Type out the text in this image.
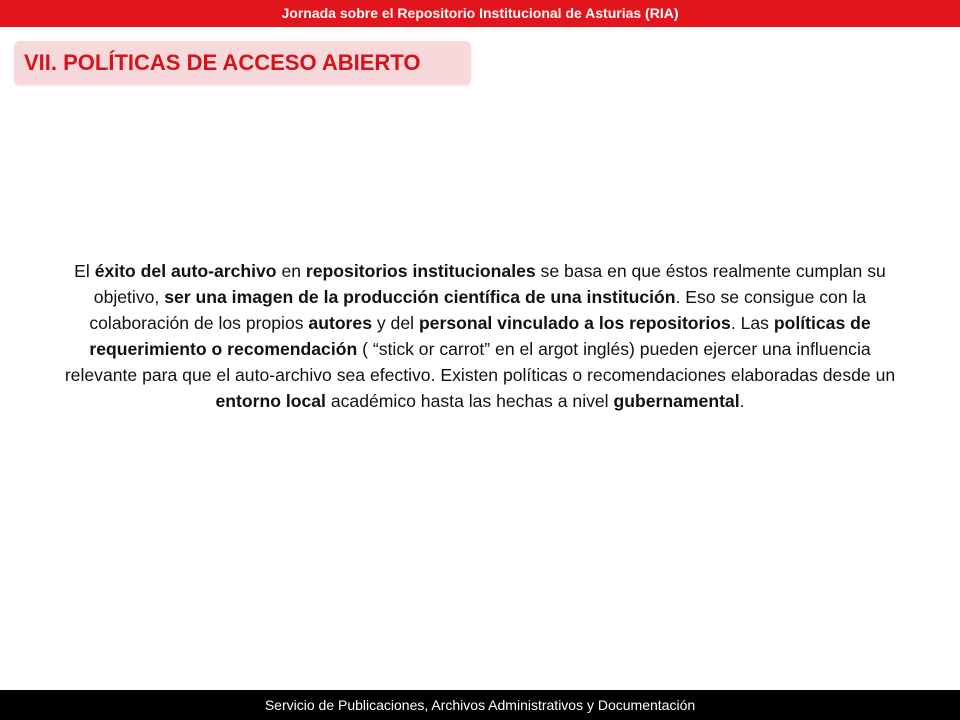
Jornada sobre el Repositorio Institucional de Asturias (RIA)
VII. POLÍTICAS DE ACCESO ABIERTO
El éxito del auto-archivo en repositorios institucionales se basa en que éstos realmente cumplan su objetivo, ser una imagen de la producción científica de una institución. Eso se consigue con la colaboración de los propios autores y del personal vinculado a los repositorios. Las políticas de requerimiento o recomendación ( “stick or carrot” en el argot inglés) pueden ejercer una influencia relevante para que el auto-archivo sea efectivo. Existen políticas o recomendaciones elaboradas desde un entorno local académico hasta las hechas a nivel gubernamental.
Servicio de Publicaciones, Archivos Administrativos y Documentación
